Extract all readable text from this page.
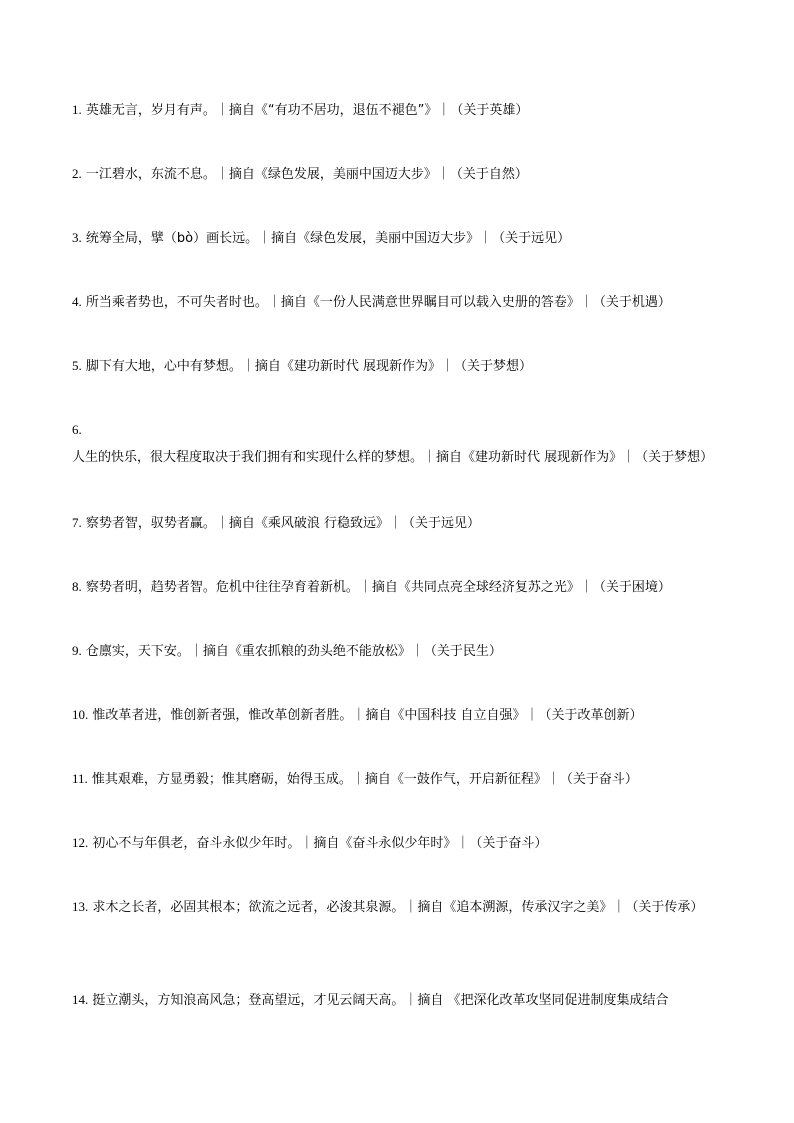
1. 英雄无言，岁月有声。｜摘自《“有功不居功，退伍不褪色”》｜（关于英雄）

2. 一江碧水，东流不息。｜摘自《绿色发展，美丽中国迈大步》｜（关于自然）

3. 统筹全局，擘（bò）画长远。｜摘自《绿色发展，美丽中国迈大步》｜（关于远见）

4. 所当乘者势也，不可失者时也。｜摘自《一份人民满意世界瞩目可以载入史册的答卷》｜（关于机遇）

5. 脚下有大地，心中有梦想。｜摘自《建功新时代 展现新作为》｜（关于梦想）

6. 人生的快乐，很大程度取决于我们拥有和实现什么样的梦想。｜摘自《建功新时代 展现新作为》｜（关于梦想）

7. 察势者智，驭势者赢。｜摘自《乘风破浪 行稳致远》｜（关于远见）

8. 察势者明，趋势者智。危机中往往孕育着新机。｜摘自《共同点亮全球经济复苏之光》｜（关于困境）

9. 仓廪实，天下安。｜摘自《重农抓粮的劲头绝不能放松》｜（关于民生）

10. 惟改革者进，惟创新者强，惟改革创新者胜。｜摘自《中国科技 自立自强》｜（关于改革创新）

11. 惟其艰难，方显勇毅；惟其磨砺，始得玉成。｜摘自《一鼓作气，开启新征程》｜（关于奋斗）

12. 初心不与年俱老，奋斗永似少年时。｜摘自《奋斗永似少年时》｜（关于奋斗）

13. 求木之长者，必固其根本；欲流之远者，必浚其泉源。｜摘自《追本溯源，传承汉字之美》｜（关于传承）

14. 挺立潮头，方知浪高风急；登高望远，才见云阔天高。｜摘自 《把深化改革攻坚同促进制度集成结合
